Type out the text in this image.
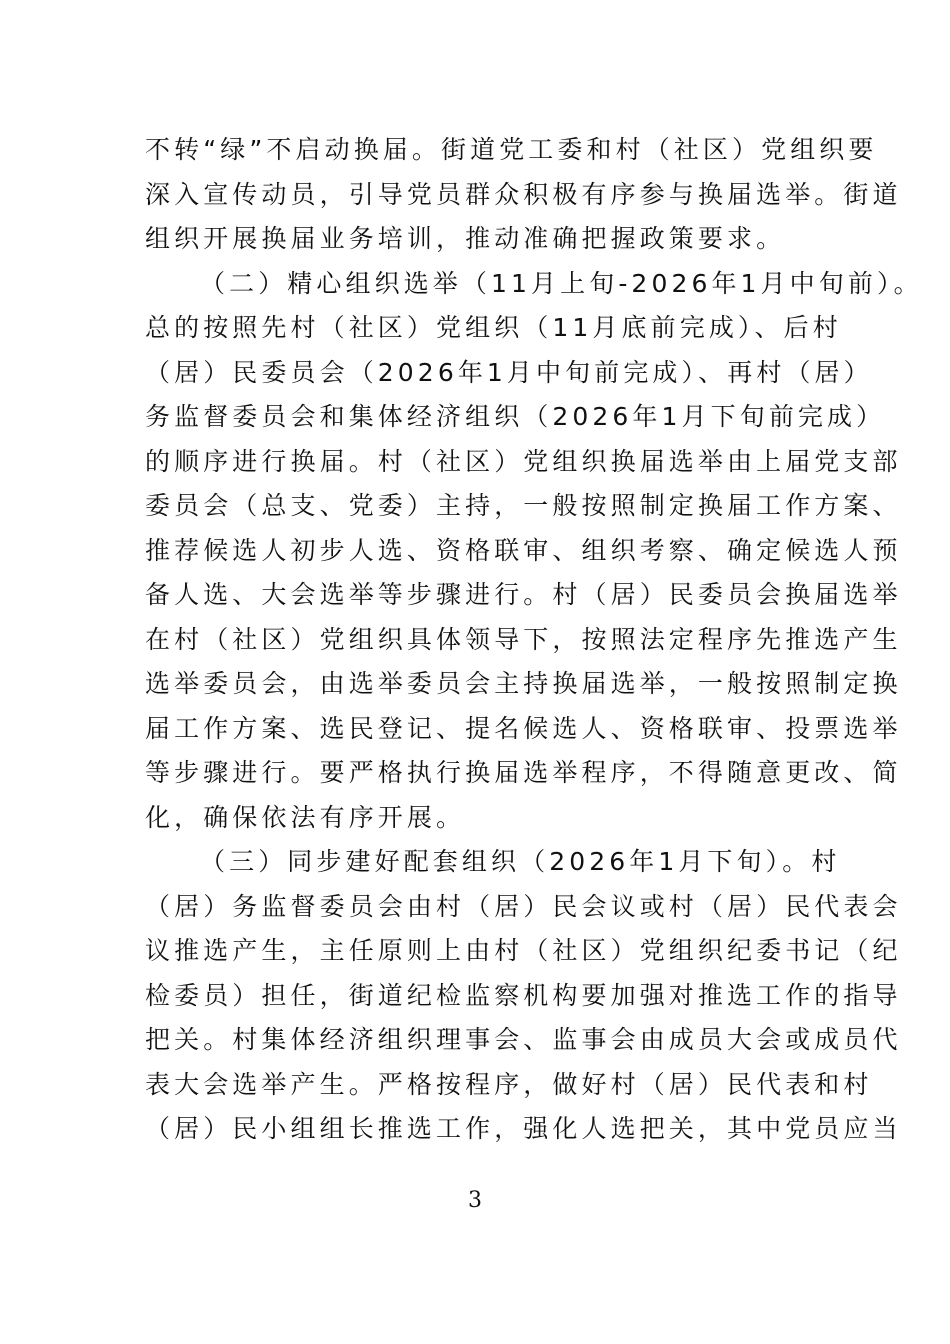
不转“绿”不启动换届。街道党工委和村（社区）党组织要
深入宣传动员，引导党员群众积极有序参与换届选举。街道
组织开展换届业务培训，推动准确把握政策要求。
（二）精心组织选举（11月上旬-2026年1月中旬前）。
总的按照先村（社区）党组织（11月底前完成）、后村
（居）民委员会（2026年1月中旬前完成）、再村（居）
务监督委员会和集体经济组织（2026年1月下旬前完成）
的顺序进行换届。村（社区）党组织换届选举由上届党支部
委员会（总支、党委）主持，一般按照制定换届工作方案、
推荐候选人初步人选、资格联审、组织考察、确定候选人预
备人选、大会选举等步骤进行。村（居）民委员会换届选举
在村（社区）党组织具体领导下，按照法定程序先推选产生
选举委员会，由选举委员会主持换届选举，一般按照制定换
届工作方案、选民登记、提名候选人、资格联审、投票选举
等步骤进行。要严格执行换届选举程序，不得随意更改、简
化，确保依法有序开展。
（三）同步建好配套组织（2026年1月下旬）。村
（居）务监督委员会由村（居）民会议或村（居）民代表会
议推选产生，主任原则上由村（社区）党组织纪委书记（纪
检委员）担任，街道纪检监察机构要加强对推选工作的指导
把关。村集体经济组织理事会、监事会由成员大会或成员代
表大会选举产生。严格按程序，做好村（居）民代表和村
（居）民小组组长推选工作，强化人选把关，其中党员应当
3
